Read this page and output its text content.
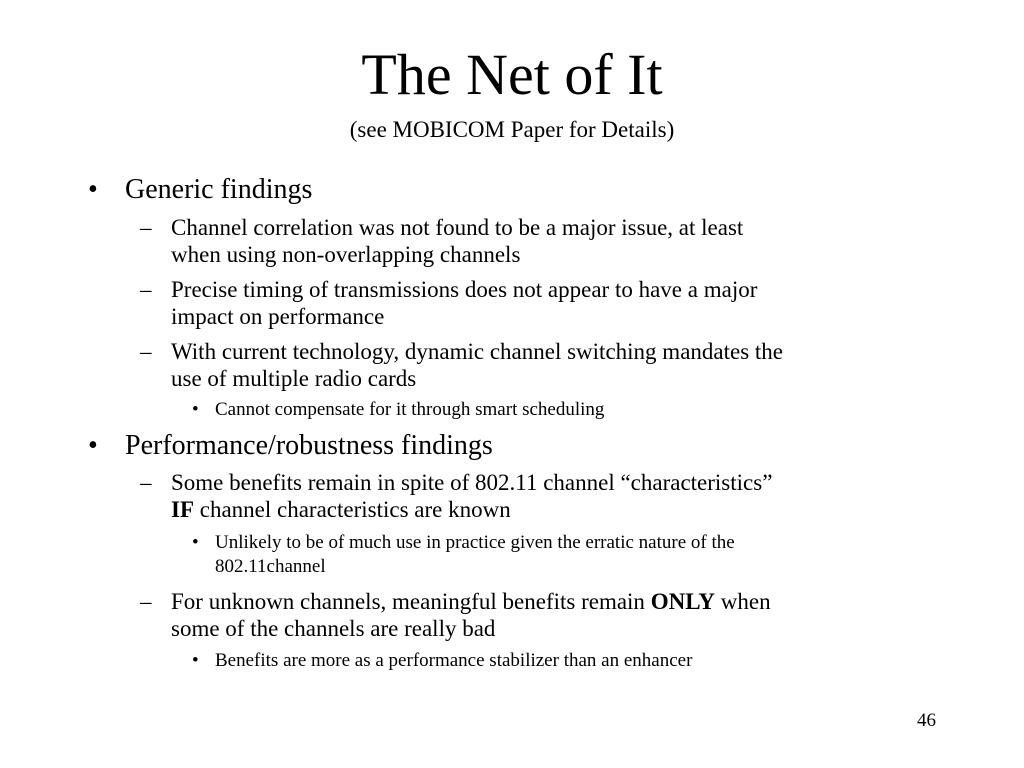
The Net of It
(see MOBICOM Paper for Details)
• Generic findings
– Channel correlation was not found to be a major issue, at least
when using non-overlapping channels
– Precise timing of transmissions does not appear to have a major
impact on performance
– With current technology, dynamic channel switching mandates the
use of multiple radio cards
• Cannot compensate for it through smart scheduling
• Performance/robustness findings
– Some benefits remain in spite of 802.11 channel “characteristics”
IF channel characteristics are known
• Unlikely to be of much use in practice given the erratic nature of the
802.11channel
– For unknown channels, meaningful benefits remain ONLY when
some of the channels are really bad
• Benefits are more as a performance stabilizer than an enhancer
46
